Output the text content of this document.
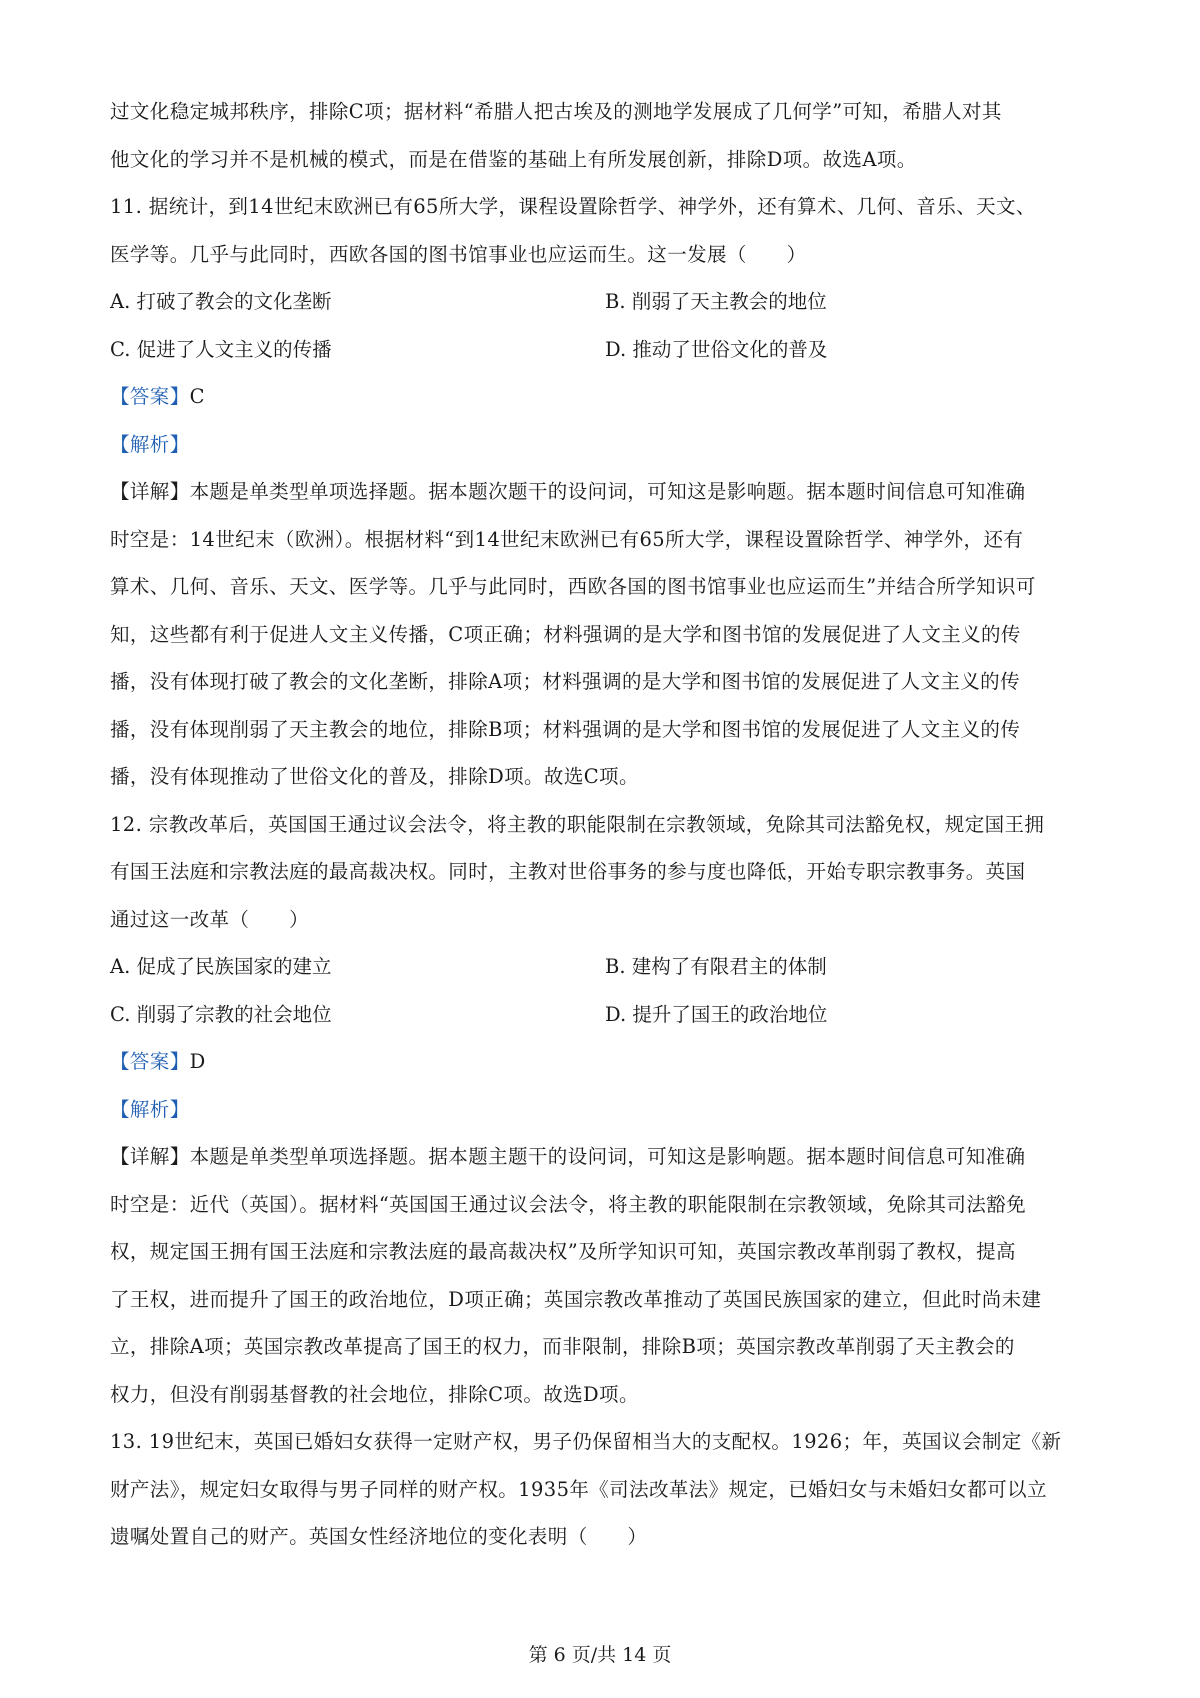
过文化稳定城邦秩序，排除C项；据材料“希腊人把古埃及的测地学发展成了几何学”可知，希腊人对其
他文化的学习并不是机械的模式，而是在借鉴的基础上有所发展创新，排除D项。故选A项。
11. 据统计，到14世纪末欧洲已有65所大学，课程设置除哲学、神学外，还有算术、几何、音乐、天文、
医学等。几乎与此同时，西欧各国的图书馆事业也应运而生。这一发展（　　）
A. 打破了教会的文化垄断	B. 削弱了天主教会的地位
C. 促进了人文主义的传播	D. 推动了世俗文化的普及
【答案】C
【解析】
【详解】本题是单类型单项选择题。据本题次题干的设问词，可知这是影响题。据本题时间信息可知准确
时空是：14世纪末（欧洲）。根据材料“到14世纪末欧洲已有65所大学，课程设置除哲学、神学外，还有
算术、几何、音乐、天文、医学等。几乎与此同时，西欧各国的图书馆事业也应运而生”并结合所学知识可
知，这些都有利于促进人文主义传播，C项正确；材料强调的是大学和图书馆的发展促进了人文主义的传
播，没有体现打破了教会的文化垄断，排除A项；材料强调的是大学和图书馆的发展促进了人文主义的传
播，没有体现削弱了天主教会的地位，排除B项；材料强调的是大学和图书馆的发展促进了人文主义的传
播，没有体现推动了世俗文化的普及，排除D项。故选C项。
12. 宗教改革后，英国国王通过议会法令，将主教的职能限制在宗教领域，免除其司法豁免权，规定国王拥
有国王法庭和宗教法庭的最高裁决权。同时，主教对世俗事务的参与度也降低，开始专职宗教事务。英国
通过这一改革（　　）
A. 促成了民族国家的建立	B. 建构了有限君主的体制
C. 削弱了宗教的社会地位	D. 提升了国王的政治地位
【答案】D
【解析】
【详解】本题是单类型单项选择题。据本题主题干的设问词，可知这是影响题。据本题时间信息可知准确
时空是：近代（英国）。据材料“英国国王通过议会法令，将主教的职能限制在宗教领域，免除其司法豁免
权，规定国王拥有国王法庭和宗教法庭的最高裁决权”及所学知识可知，英国宗教改革削弱了教权，提高
了王权，进而提升了国王的政治地位，D项正确；英国宗教改革推动了英国民族国家的建立，但此时尚未建
立，排除A项；英国宗教改革提高了国王的权力，而非限制，排除B项；英国宗教改革削弱了天主教会的
权力，但没有削弱基督教的社会地位，排除C项。故选D项。
13. 19世纪末，英国已婚妇女获得一定财产权，男子仍保留相当大的支配权。1926；年，英国议会制定《新
财产法》，规定妇女取得与男子同样的财产权。1935年《司法改革法》规定，已婚妇女与未婚妇女都可以立
遗嘱处置自己的财产。英国女性经济地位的变化表明（　　）
第 6 页/共 14 页
